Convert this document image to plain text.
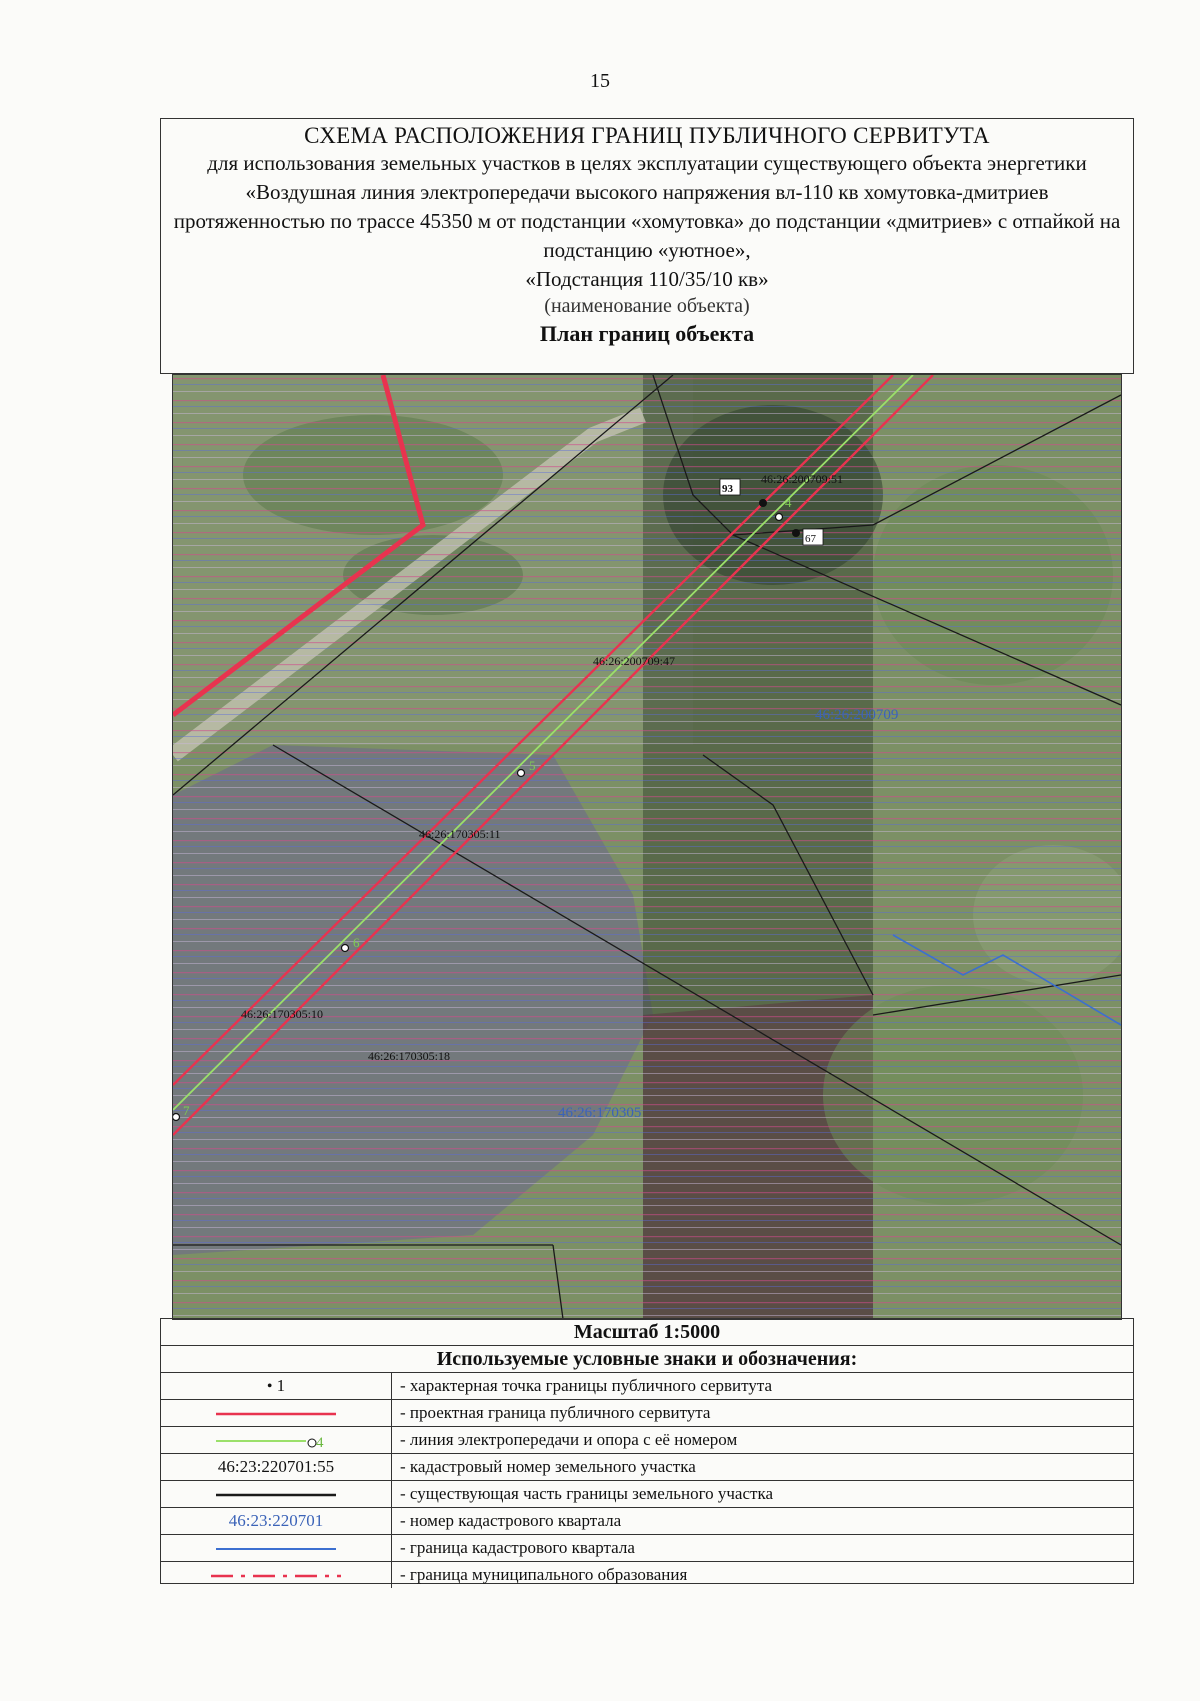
15
СХЕМА РАСПОЛОЖЕНИЯ ГРАНИЦ ПУБЛИЧНОГО СЕРВИТУТА
для использования земельных участков в целях эксплуатации существующего объекта энергетики «Воздушная линия электропередачи высокого напряжения вл-110 кв хомутовка-дмитриев протяженностью по трассе 45350 м от подстанции «хомутовка» до подстанции «дмитриев» с отпайкой на подстанцию «уютное»,
«Подстанция 110/35/10 кв»
(наименование объекта)
План границ объекта
93
67
4
5
6
7
46:26:200709:51
46:26:200709:47
46:26:200709
46:26:170305:11
46:26:170305:10
46:26:170305:18
46:26:170305
Масштаб 1:5000
Используемые условные знаки и обозначения:
• 1	- характерная точка границы публичного сервитута
	- проектная граница публичного сервитута

4	- линия электропередачи и опора с её номером
46:23:220701:55	- кадастровый номер земельного участка
	- существующая часть границы земельного участка
46:23:220701	- номер кадастрового квартала
	- граница кадастрового квартала
	- граница муниципального образования
